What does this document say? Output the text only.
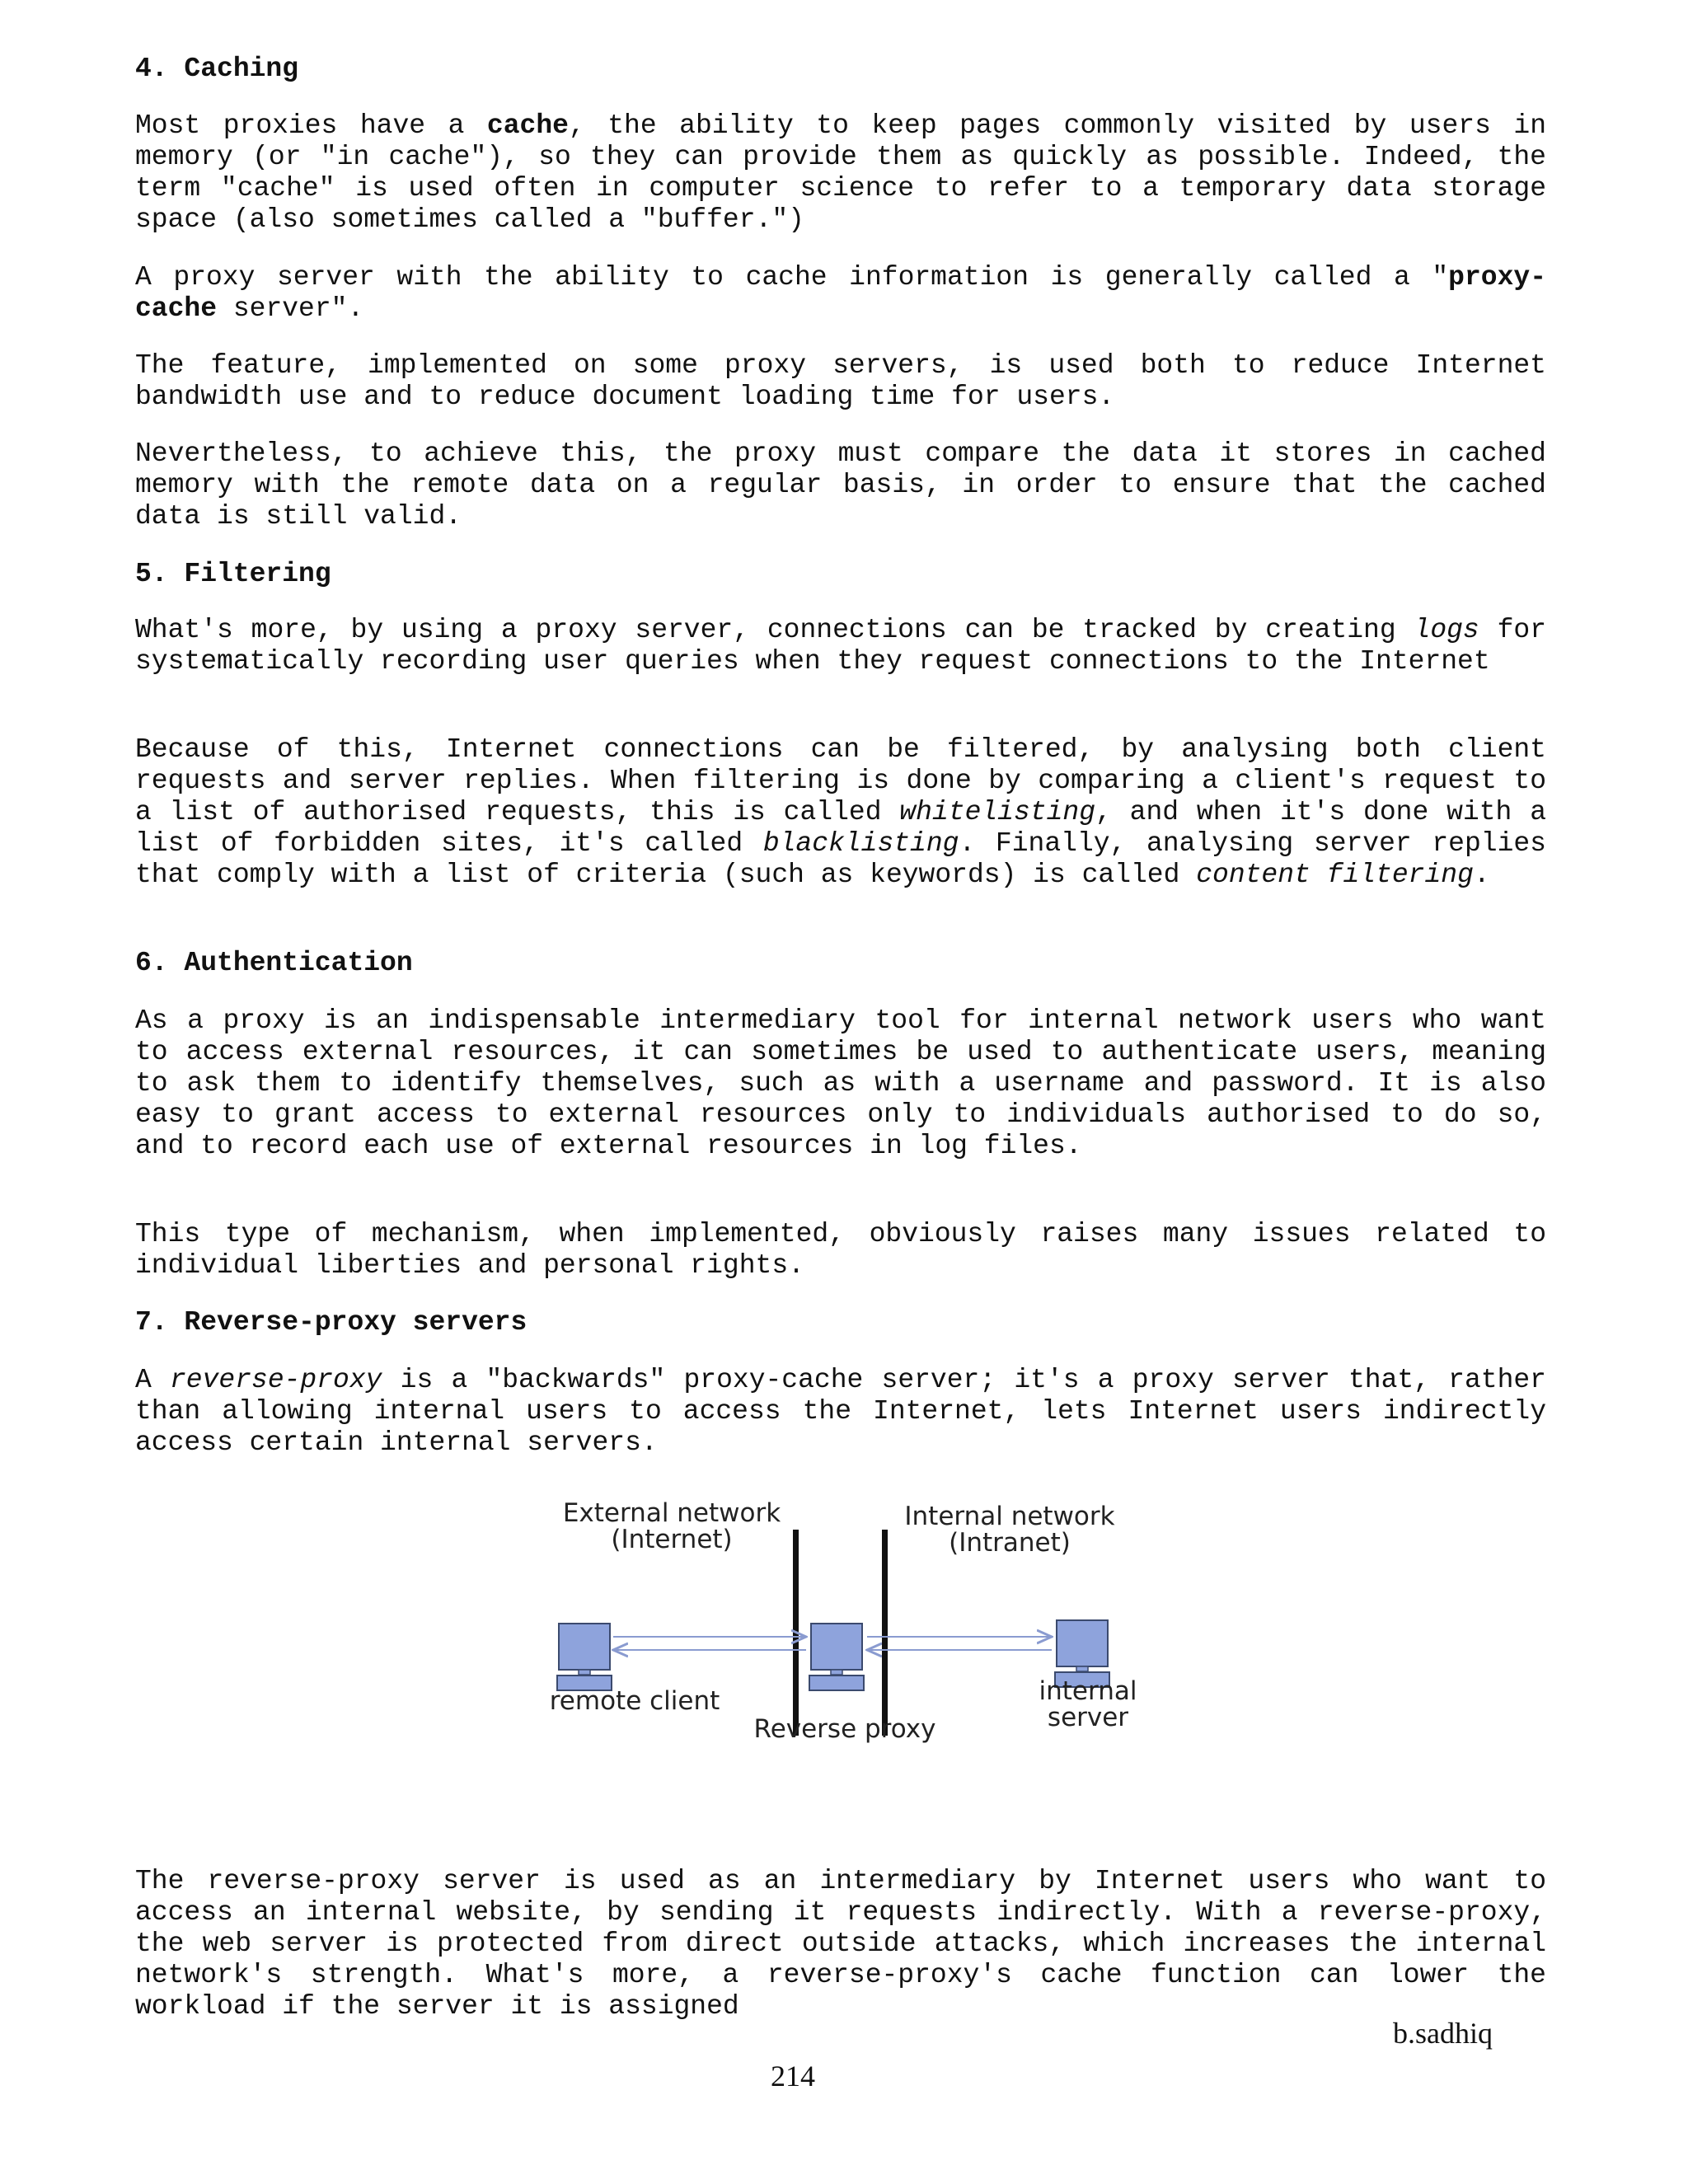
4. Caching

Most proxies have a cache, the ability to keep pages commonly visited by users in memory (or "in cache"), so they can provide them as quickly as possible. Indeed, the term "cache" is used often in computer science to refer to a temporary data storage space (also sometimes called a "buffer.")

A proxy server with the ability to cache information is generally called a "proxy-cache server".

The feature, implemented on some proxy servers, is used both to reduce Internet bandwidth use and to reduce document loading time for users.

Nevertheless, to achieve this, the proxy must compare the data it stores in cached memory with the remote data on a regular basis, in order to ensure that the cached data is still valid.

5. Filtering

What's more, by using a proxy server, connections can be tracked by creating logs for systematically recording user queries when they request connections to the Internet

Because of this, Internet connections can be filtered, by analysing both client requests and server replies. When filtering is done by comparing a client's request to a list of authorised requests, this is called whitelisting, and when it's done with a list of forbidden sites, it's called blacklisting. Finally, analysing server replies that comply with a list of criteria (such as keywords) is called content filtering.

6. Authentication

As a proxy is an indispensable intermediary tool for internal network users who want to access external resources, it can sometimes be used to authenticate users, meaning to ask them to identify themselves, such as with a username and password. It is also easy to grant access to external resources only to individuals authorised to do so, and to record each use of external resources in log files.

This type of mechanism, when implemented, obviously raises many issues related to individual liberties and personal rights.

7. Reverse-proxy servers

A reverse-proxy is a "backwards" proxy-cache server; it's a proxy server that, rather than allowing internal users to access the Internet, lets Internet users indirectly access certain internal servers.

External network
(Internet)
Internal network
(Intranet)
remote client
Reverse proxy
internal
server

The reverse-proxy server is used as an intermediary by Internet users who want to access an internal website, by sending it requests indirectly. With a reverse-proxy, the web server is protected from direct outside attacks, which increases the internal network's strength. What's more, a reverse-proxy's cache function can lower the workload if the server it is assigned

b.sadhiq
214
